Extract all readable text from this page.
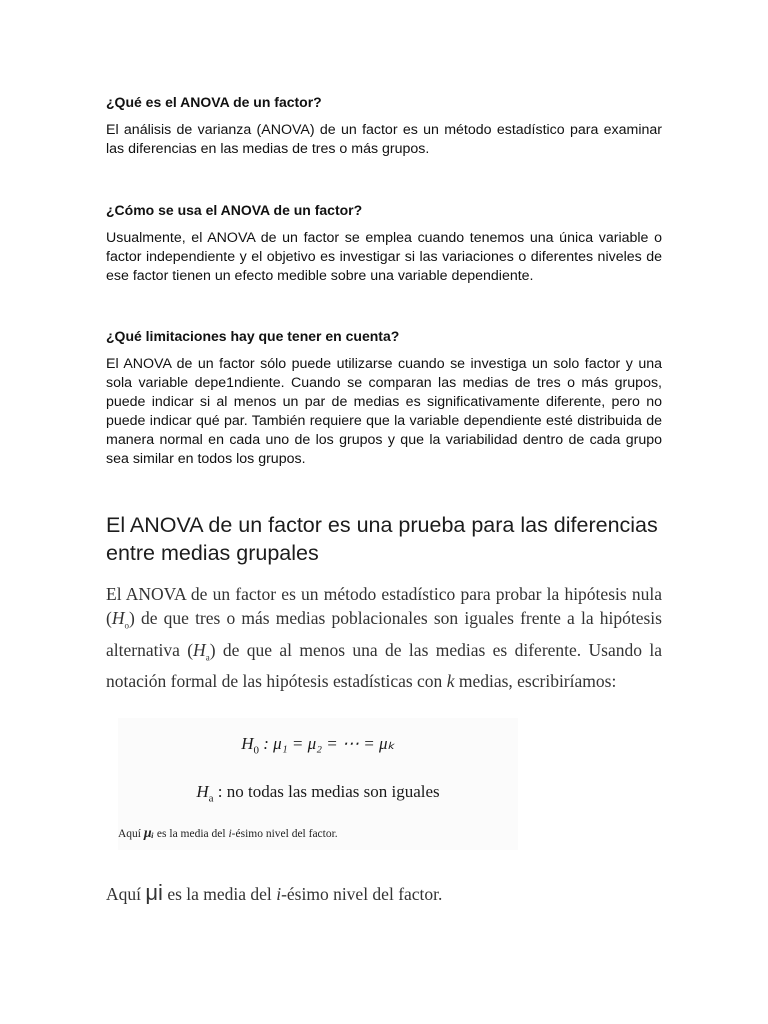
¿Qué es el ANOVA de un factor?
El análisis de varianza (ANOVA) de un factor es un método estadístico para examinar las diferencias en las medias de tres o más grupos.
¿Cómo se usa el ANOVA de un factor?
Usualmente, el ANOVA de un factor se emplea cuando tenemos una única variable o factor independiente y el objetivo es investigar si las variaciones o diferentes niveles de ese factor tienen un efecto medible sobre una variable dependiente.
¿Qué limitaciones hay que tener en cuenta?
El ANOVA de un factor sólo puede utilizarse cuando se investiga un solo factor y una sola variable depe1ndiente. Cuando se comparan las medias de tres o más grupos, puede indicar si al menos un par de medias es significativamente diferente, pero no puede indicar qué par. También requiere que la variable dependiente esté distribuida de manera normal en cada uno de los grupos y que la variabilidad dentro de cada grupo sea similar en todos los grupos.
El ANOVA de un factor es una prueba para las diferencias entre medias grupales
El ANOVA de un factor es un método estadístico para probar la hipótesis nula $(H_o)$ de que tres o más medias poblacionales son iguales frente a la hipótesis alternativa $(H_a)$ de que al menos una de las medias es diferente. Usando la notación formal de las hipótesis estadísticas con k medias, escribiríamos:
$H_0$ : μ₁ = μ₂ = ⋯ = μₖ
$H_a$ : no todas las medias son iguales
Aquí μᵢ es la media del i-ésimo nivel del factor.
Aquí μi es la media del i-ésimo nivel del factor.
